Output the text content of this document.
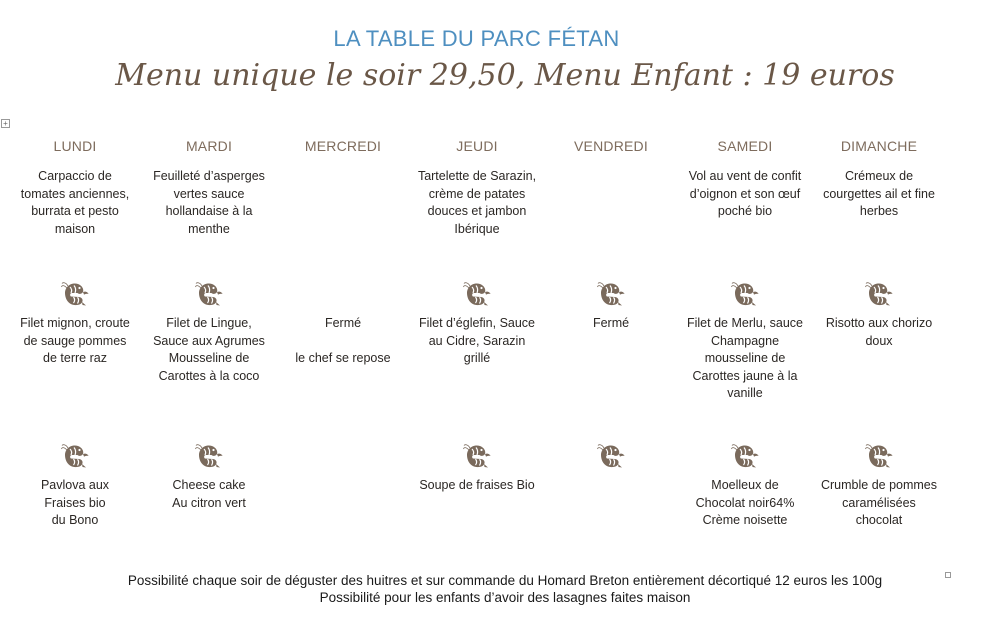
LA TABLE DU PARC FÉTAN
Menu unique le soir 29,50, Menu Enfant : 19 euros
+
LUNDI
Carpaccio de
tomates anciennes,
burrata et pesto
maison
Filet mignon, croute
de sauge pommes
de terre raz
Pavlova aux
Fraises bio
du Bono
MARDI
Feuilleté d’asperges
vertes sauce
hollandaise à la
menthe
Filet de Lingue,
Sauce aux Agrumes
Mousseline de
Carottes à la coco
Cheese cake
Au citron vert
MERCREDI
Fermé

le chef se repose
JEUDI
Tartelette de Sarazin,
crème de patates
douces et jambon
Ibérique
Filet d’églefin, Sauce
au Cidre, Sarazin
grillé
Soupe de fraises Bio
VENDREDI
Fermé
SAMEDI
Vol au vent de confit
d’oignon et son œuf
poché bio
Filet de Merlu, sauce
Champagne
mousseline de
Carottes jaune à la
vanille
Moelleux de
Chocolat noir64%
Crème noisette
DIMANCHE
Crémeux de
courgettes ail et fine
herbes
Risotto aux chorizo
doux
Crumble de pommes
caramélisées
chocolat
Possibilité chaque soir de déguster des huitres et sur commande du Homard Breton entièrement décortiqué 12 euros les 100g
Possibilité pour les enfants d’avoir des lasagnes faites maison
